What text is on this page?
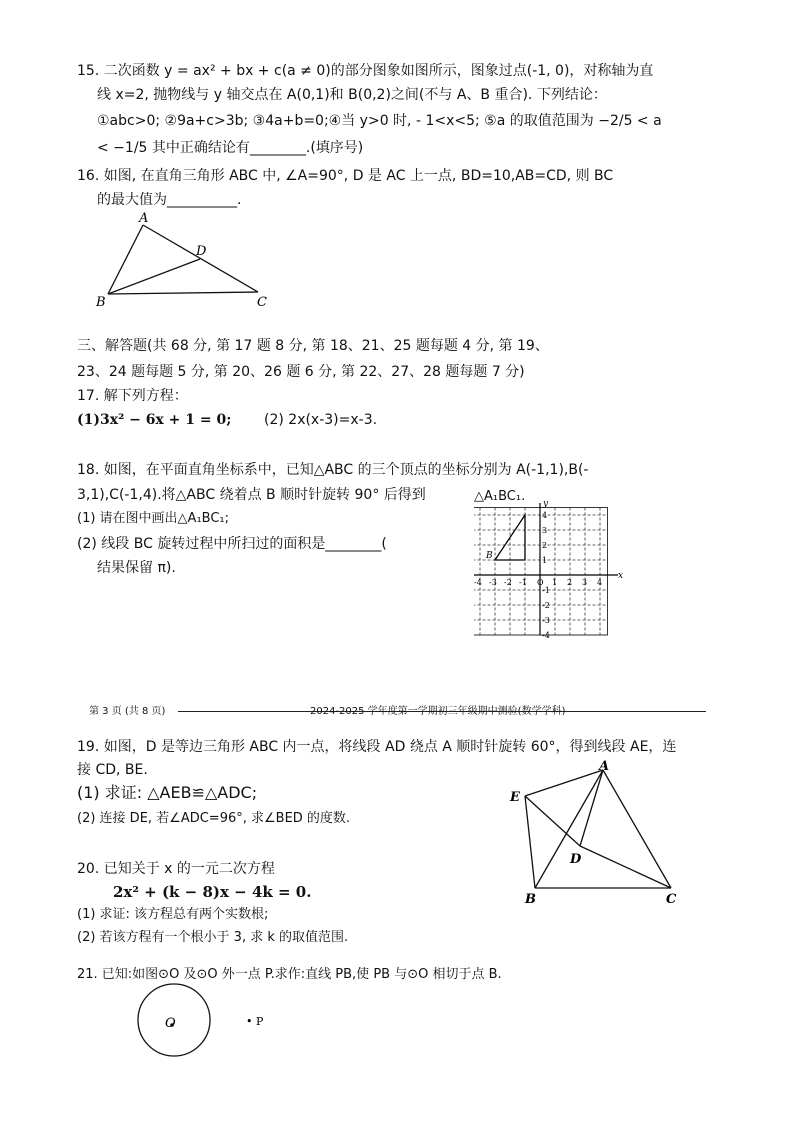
15. 二次函数 y = ax² + bx + c(a ≠ 0)的部分图象如图所示，图象过点(-1, 0)，对称轴为直
线 x=2, 抛物线与 y 轴交点在 A(0,1)和 B(0,2)之间(不与 A、B 重合). 下列结论：
①abc>0; ②9a+c>3b; ③4a+b=0;④当 y>0 时, - 1<x<5; ⑤a 的取值范围为 −2/5 < a
< −1/5 其中正确结论有________.(填序号)
16. 如图, 在直角三角形 ABC 中, ∠A=90°, D 是 AC 上一点, BD=10,AB=CD, 则 BC
的最大值为__________.
A
D
B	C
三、解答题(共 68 分, 第 17 题 8 分, 第 18、21、25 题每题 4 分, 第 19、
23、24 题每题 5 分, 第 20、26 题 6 分, 第 22、27、28 题每题 7 分)
17. 解下列方程：
(1)3x² − 6x + 1 = 0; (2) 2x(x-3)=x-3.
18. 如图，在平面直角坐标系中，已知△ABC 的三个顶点的坐标分别为 A(-1,1),B(-
3,1),C(-1,4).将△ABC 绕着点 B 顺时针旋转 90° 后得到	△A₁BC₁.
(1) 请在图中画出△A₁BC₁;
(2) 线段 BC 旋转过程中所扫过的面积是________(
结果保留 π).
-4 -3 -2 -1 O 1 2 3 4
4
3
2
1
-1
-2
-3
-4
x
y
B
第 3 页 (共 8 页)	2024-2025 学年度第一学期初三年级期中测验(数学学科)
19. 如图，D 是等边三角形 ABC 内一点，将线段 AD 绕点 A 顺时针旋转 60°，得到线段 AE，连
接 CD, BE.
(1) 求证: △AEB≌△ADC;
(2) 连接 DE, 若∠ADC=96°, 求∠BED 的度数.
A
E
D
B	C
20. 已知关于 x 的一元二次方程
2x² + (k − 8)x − 4k = 0.
(1) 求证: 该方程总有两个实数根;
(2) 若该方程有一个根小于 3, 求 k 的取值范围.
21. 已知:如图⊙O 及⊙O 外一点 P.求作:直线 PB,使 PB 与⊙O 相切于点 B.
O	• P
